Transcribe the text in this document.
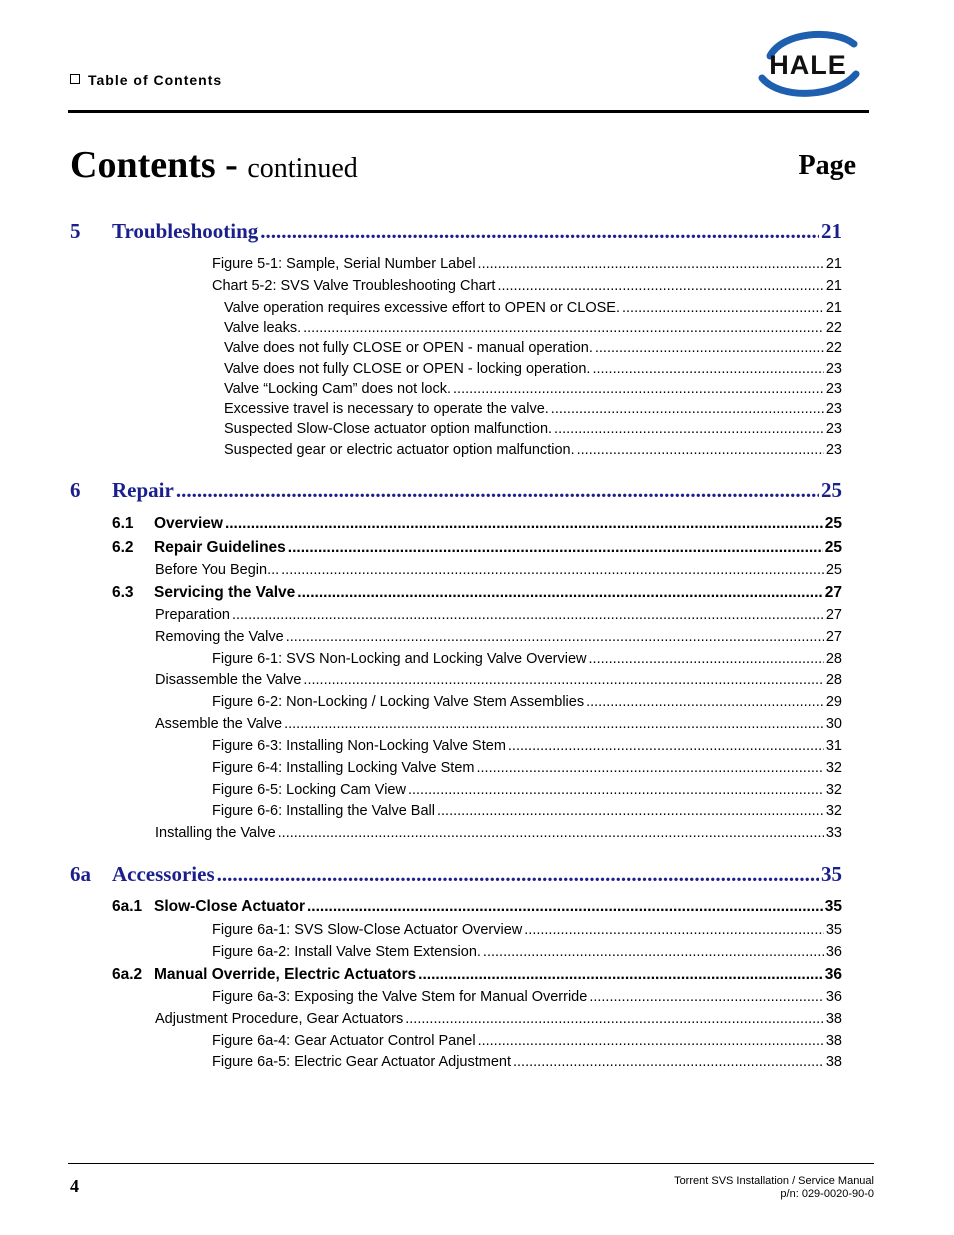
Table of Contents	HALE
Contents - continued	Page
5	Troubleshooting .....	21
Figure 5-1: Sample, Serial Number Label .....	21
Chart 5-2: SVS Valve Troubleshooting Chart .....	21
Valve operation requires excessive effort to OPEN or CLOSE. .....	21
Valve leaks. .....	22
Valve does not fully CLOSE or OPEN - manual operation. .....	22
Valve does not fully CLOSE or OPEN - locking operation. .....	23
Valve “Locking Cam” does not lock. .....	23
Excessive travel is necessary to operate the valve. .....	23
Suspected Slow-Close actuator option malfunction. .....	23
Suspected gear or electric actuator option malfunction. .....	23
6	Repair .....	25
6.1	Overview .....	25
6.2	Repair Guidelines .....	25
Before You Begin... .....	25
6.3	Servicing the Valve .....	27
Preparation .....	27
Removing the Valve .....	27
Figure 6-1: SVS Non-Locking and Locking Valve Overview .....	28
Disassemble the Valve .....	28
Figure 6-2: Non-Locking / Locking Valve Stem Assemblies .....	29
Assemble the Valve .....	30
Figure 6-3: Installing Non-Locking Valve Stem .....	31
Figure 6-4: Installing Locking Valve Stem .....	32
Figure 6-5: Locking Cam View .....	32
Figure 6-6: Installing the Valve Ball .....	32
Installing the Valve .....	33
6a	Accessories .....	35
6a.1 Slow-Close Actuator .....	35
Figure 6a-1: SVS Slow-Close Actuator Overview .....	35
Figure 6a-2: Install Valve Stem Extension. .....	36
6a.2 Manual Override, Electric Actuators .....	36
Figure 6a-3: Exposing the Valve Stem for Manual Override .....	36
Adjustment Procedure, Gear Actuators .....	38
Figure 6a-4: Gear Actuator Control Panel .....	38
Figure 6a-5: Electric Gear Actuator Adjustment .....	38
4	Torrent SVS Installation / Service Manual
p/n: 029-0020-90-0
